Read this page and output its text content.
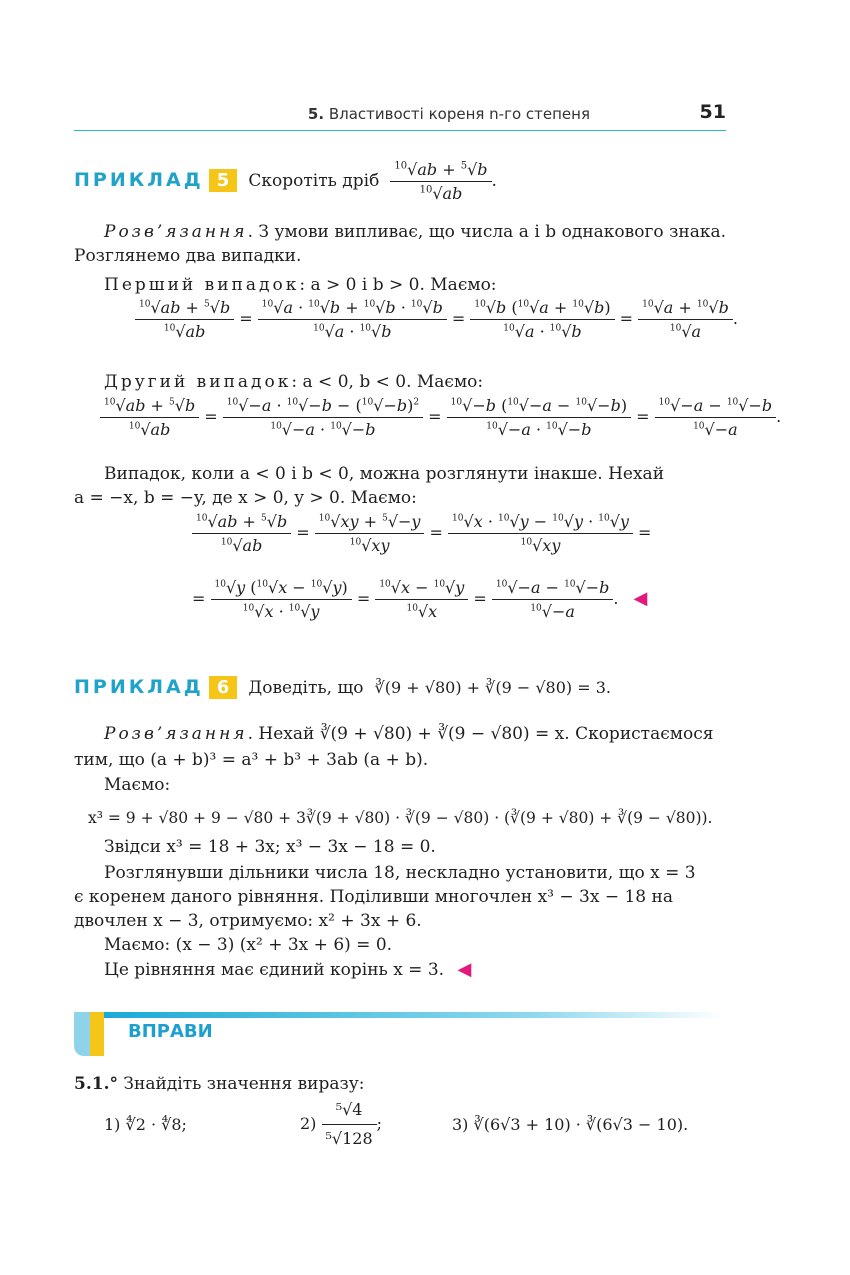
5. Властивості кореня n-го степеня	51
ПРИКЛАД 5 Скоротіть дріб $\frac{^{10}√ab + ^5√b}{^{10}√ab}$ .
Розв’язання. З умови випливає, що числа a і b однакового знака. Розглянемо два випадки.
Перший випадок: a > 0 і b > 0. Маємо:
$\frac{^{10}√ab + ^5√b}{^{10}√ab} = \frac{^{10}√a \cdot ^{10}√b + ^{10}√b \cdot ^{10}√b}{^{10}√a \cdot ^{10}√b} = \frac{^{10}√b (^{10}√a + ^{10}√b)}{^{10}√a \cdot ^{10}√b} = \frac{^{10}√a + ^{10}√b}{^{10}√a}$ .
Другий випадок: a < 0, b < 0. Маємо:
$\frac{^{10}√ab + ^5√b}{^{10}√ab} = \frac{^{10}√-a \cdot ^{10}√-b - (^{10}√-b)^2}{^{10}√-a \cdot ^{10}√-b} = \frac{^{10}√-b (^{10}√-a - ^{10}√-b)}{^{10}√-a \cdot ^{10}√-b} = \frac{^{10}√-a - ^{10}√-b}{^{10}√-a}$ .
Випадок, коли a < 0 і b < 0, можна розглянути інакше. Нехай
a = −x, b = −y, де x > 0, y > 0. Маємо:
$\frac{^{10}√ab + ^5√b}{^{10}√ab} = \frac{^{10}√xy + ^5√-y}{^{10}√xy} = \frac{^{10}√x \cdot ^{10}√y - ^{10}√y \cdot ^{10}√y}{^{10}√xy}$ =
= $\frac{^{10}√y (^{10}√x - ^{10}√y)}{^{10}√x \cdot ^{10}√y} = \frac{^{10}√x - ^{10}√y}{^{10}√x} = \frac{^{10}√-a - ^{10}√-b}{^{10}√-a}$ . ◀
ПРИКЛАД 6 Доведіть, що ∛(9 + √80) + ∛(9 − √80) = 3.
Розв’язання. Нехай ∛(9 + √80) + ∛(9 − √80) = x. Скористаємося
тим, що (a + b)³ = a³ + b³ + 3ab (a + b).
Маємо:
x³ = 9 + √80 + 9 − √80 + 3∛(9 + √80) · ∛(9 − √80) · (∛(9 + √80) + ∛(9 − √80)).
Звідси x³ = 18 + 3x; x³ − 3x − 18 = 0.
Розглянувши дільники числа 18, нескладно установити, що x = 3
є коренем даного рівняння. Поділивши многочлен x³ − 3x − 18 на
двочлен x − 3, отримуємо: x² + 3x + 6.
Маємо: (x − 3) (x² + 3x + 6) = 0.
Це рівняння має єдиний корінь x = 3. ◀
ВПРАВИ
5.1.° Знайдіть значення виразу:
1) ∜2 · ∜8;	$2) \frac{\text{⁵√4}}{\text{⁵√128}}$ ;	3) ∛(6√3 + 10) · ∛(6√3 − 10).
